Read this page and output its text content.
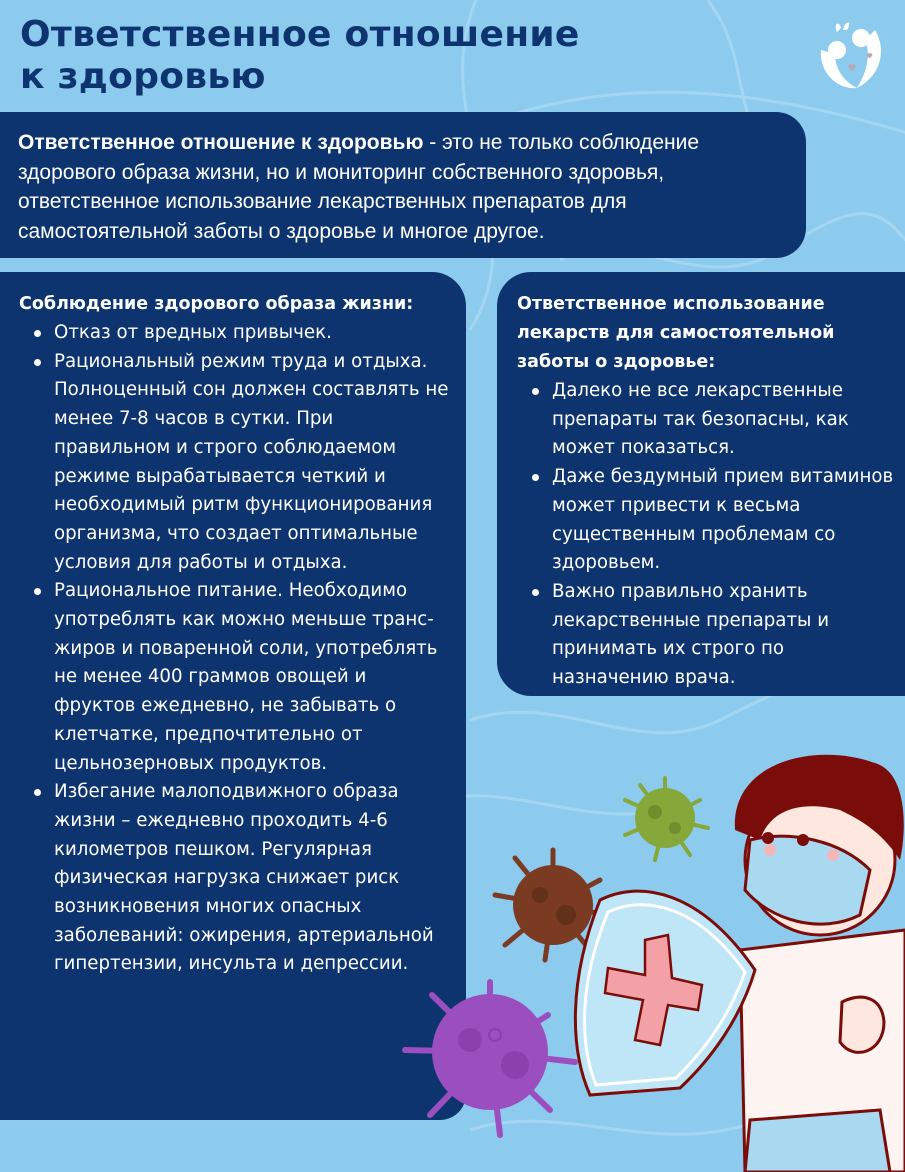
Ответственное отношение
к здоровью
Ответственное отношение к здоровью - это не только соблюдение здорового образа жизни, но и мониторинг собственного здоровья, ответственное использование лекарственных препаратов для самостоятельной заботы о здоровье и многое другое.
Соблюдение здорового образа жизни:
Отказ от вредных привычек.
Рациональный режим труда и отдыха. Полноценный сон должен составлять не менее 7-8 часов в сутки. При правильном и строго соблюдаемом режиме вырабатывается четкий и необходимый ритм функционирования организма, что создает оптимальные условия для работы и отдыха.
Рациональное питание. Необходимо употреблять как можно меньше транс-жиров и поваренной соли, употреблять не менее 400 граммов овощей и фруктов ежедневно, не забывать о клетчатке, предпочтительно от цельнозерновых продуктов.
Избегание малоподвижного образа жизни – ежедневно проходить 4-6 километров пешком. Регулярная физическая нагрузка снижает риск возникновения многих опасных заболеваний: ожирения, артериальной гипертензии, инсульта и депрессии.
Ответственное использование лекарств для самостоятельной заботы о здоровье:
Далеко не все лекарственные препараты так безопасны, как может показаться.
Даже бездумный прием витаминов может привести к весьма существенным проблемам со здоровьем.
Важно правильно хранить лекарственные препараты и принимать их строго по назначению врача.
